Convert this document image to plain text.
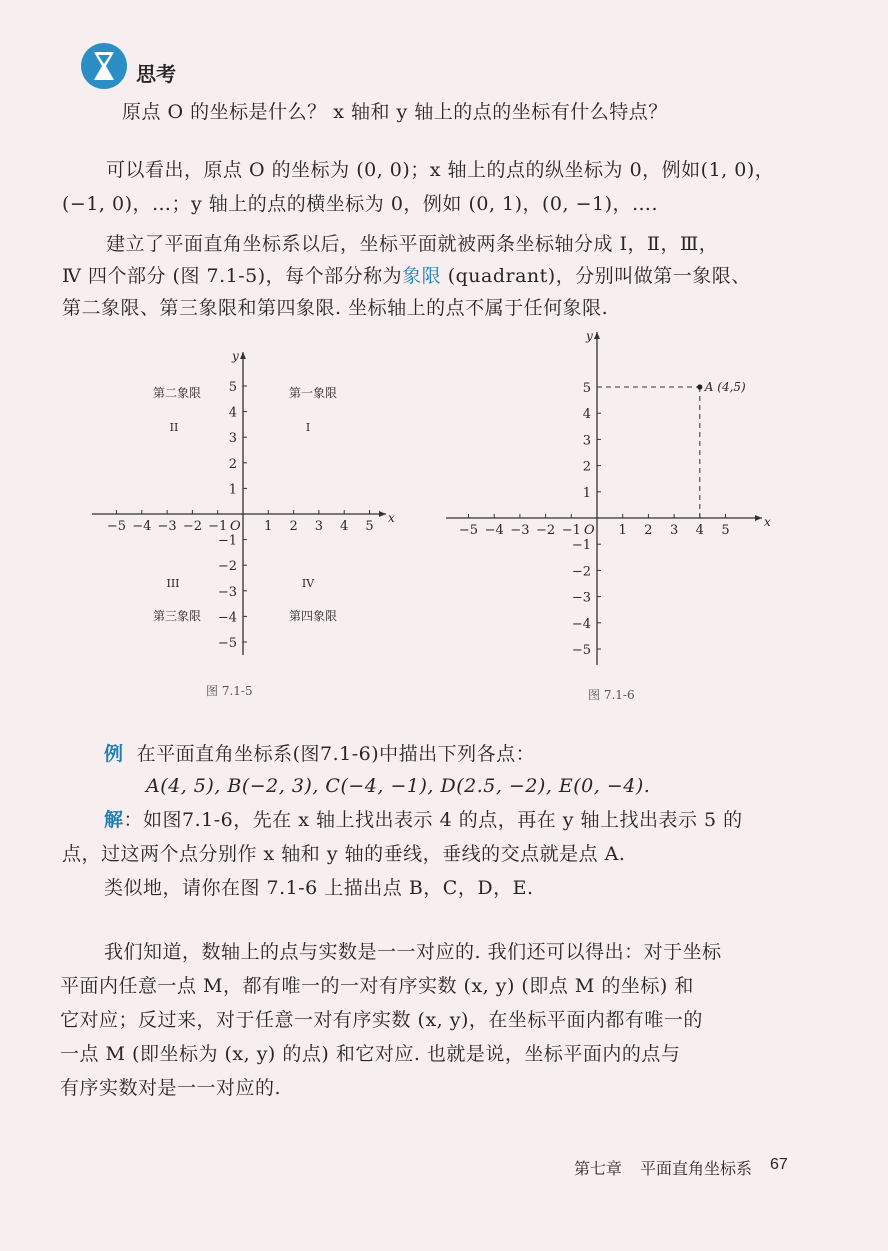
思考
原点 O 的坐标是什么？ x 轴和 y 轴上的点的坐标有什么特点？
可以看出，原点 O 的坐标为 (0, 0)；x 轴上的点的纵坐标为 0，例如(1, 0)，
(−1, 0)，…；y 轴上的点的横坐标为 0，例如 (0, 1)，(0, −1)，….
建立了平面直角坐标系以后，坐标平面就被两条坐标轴分成 Ⅰ，Ⅱ，Ⅲ，
Ⅳ 四个部分 (图 7.1-5)，每个部分称为象限 (quadrant)，分别叫做第一象限、
第二象限、第三象限和第四象限. 坐标轴上的点不属于任何象限.
x
y
O
−5 −4 −3 −2 −1	1 2 3 4 5
−5
−4
−3
−2
−1
1
2
3
4
5	第一象限
I
第二象限
II
III
第三象限
IV
第四象限
图 7.1-5
x
y
O
−5 −4 −3 −2 −1	1 2 3 4 5
−5
−4
−3
−2
−1
1
2
3
4
5	A (4,5)
图 7.1-6
例 在平面直角坐标系(图7.1-6)中描出下列各点：
A(4, 5), B(−2, 3), C(−4, −1), D(2.5, −2), E(0, −4).
解：如图7.1-6，先在 x 轴上找出表示 4 的点，再在 y 轴上找出表示 5 的
点，过这两个点分别作 x 轴和 y 轴的垂线，垂线的交点就是点 A.
类似地，请你在图 7.1-6 上描出点 B，C，D，E.
我们知道，数轴上的点与实数是一一对应的. 我们还可以得出：对于坐标
平面内任意一点 M，都有唯一的一对有序实数 (x, y) (即点 M 的坐标) 和
它对应；反过来，对于任意一对有序实数 (x, y)，在坐标平面内都有唯一的
一点 M (即坐标为 (x, y) 的点) 和它对应. 也就是说，坐标平面内的点与
有序实数对是一一对应的.
第七章 平面直角坐标系 67
